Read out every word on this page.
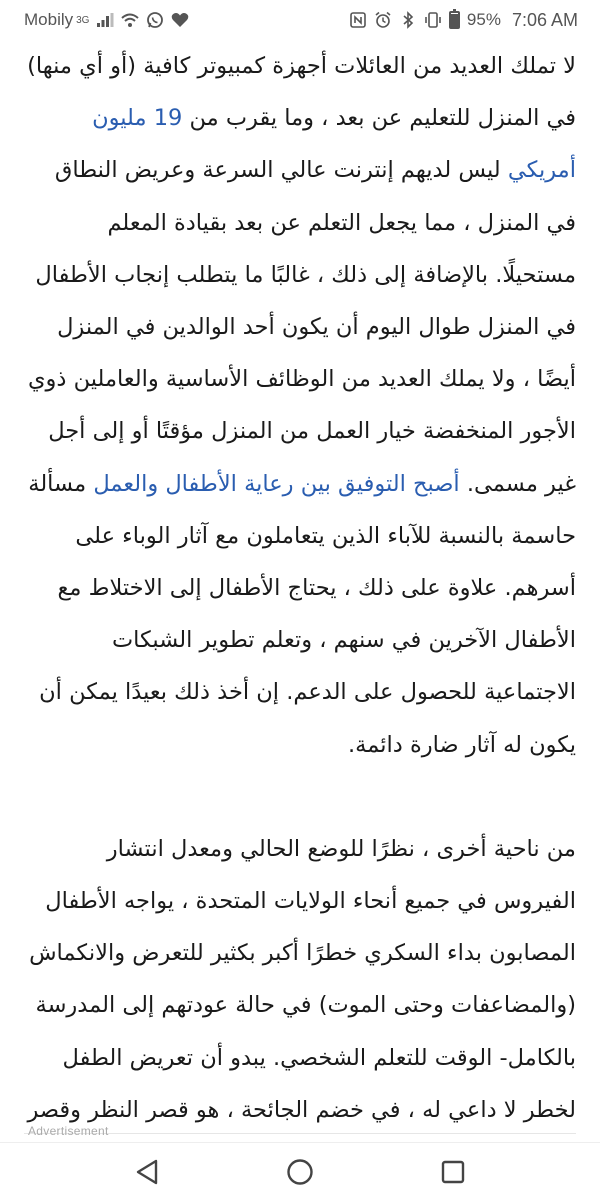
Mobily 3G	95% 7:06 AM

لا تملك العديد من العائلات أجهزة كمبيوتر كافية (أو أي منها) في المنزل للتعليم عن بعد ، وما يقرب من 19 مليون أمريكي ليس لديهم إنترنت عالي السرعة وعريض النطاق في المنزل ، مما يجعل التعلم عن بعد بقيادة المعلم مستحيلًا. بالإضافة إلى ذلك ، غالبًا ما يتطلب إنجاب الأطفال في المنزل طوال اليوم أن يكون أحد الوالدين في المنزل أيضًا ، ولا يملك العديد من الوظائف الأساسية والعاملين ذوي الأجور المنخفضة خيار العمل من المنزل مؤقتًا أو إلى أجل غير مسمى. أصبح التوفيق بين رعاية الأطفال والعمل مسألة حاسمة بالنسبة للآباء الذين يتعاملون مع آثار الوباء على أسرهم. علاوة على ذلك ، يحتاج الأطفال إلى الاختلاط مع الأطفال الآخرين في سنهم ، وتعلم تطوير الشبكات الاجتماعية للحصول على الدعم. إن أخذ ذلك بعيدًا يمكن أن يكون له آثار ضارة دائمة.

من ناحية أخرى ، نظرًا للوضع الحالي ومعدل انتشار الفيروس في جميع أنحاء الولايات المتحدة ، يواجه الأطفال المصابون بداء السكري خطرًا أكبر بكثير للتعرض والانكماش (والمضاعفات وحتى الموت) في حالة عودتهم إلى المدرسة بالكامل- الوقت للتعلم الشخصي. يبدو أن تعريض الطفل لخطر لا داعي له ، في خضم الجائحة ، هو قصر النظر وقصر

Advertisement
